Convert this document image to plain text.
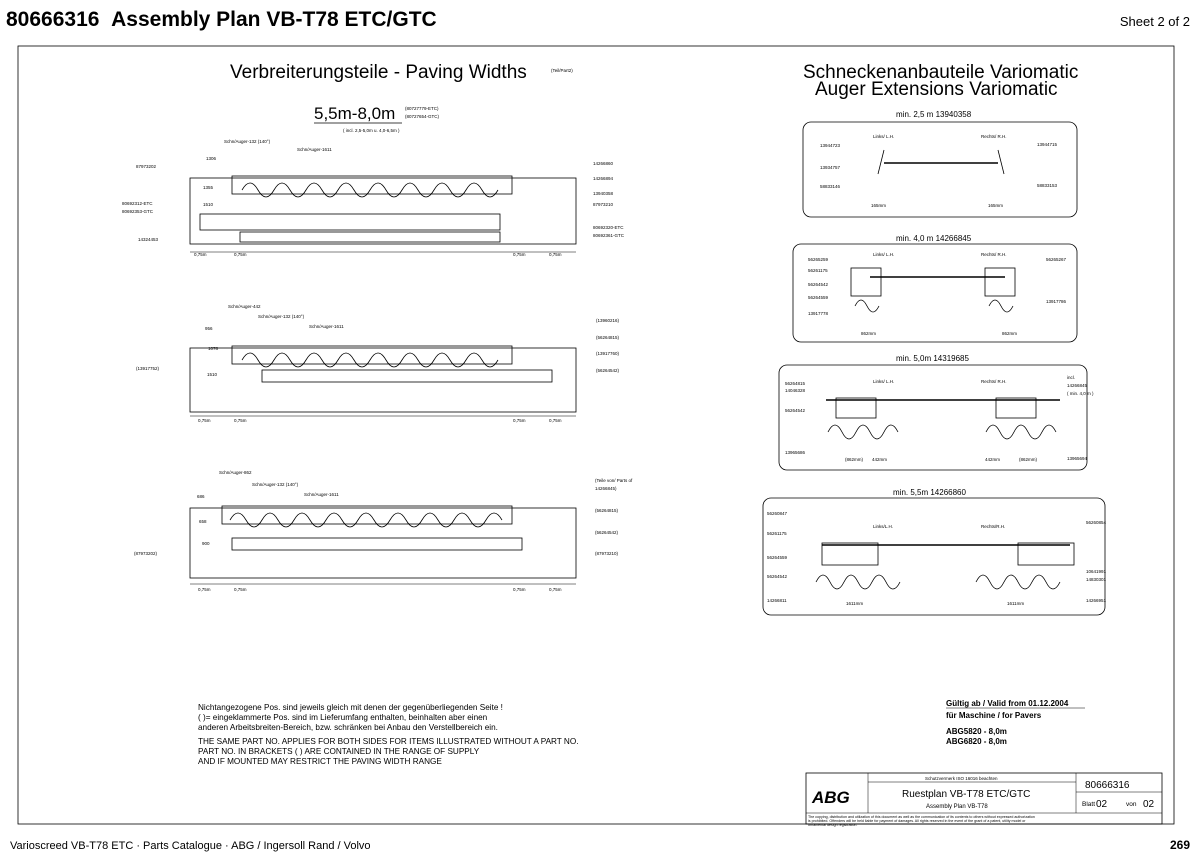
80666316 Assembly Plan VB-T78 ETC/GTC	Sheet 2 of 2
Verbreiterungsteile - Paving Widths	(Teil/Part2)
5,5m-8,0m (80727779-ETC)
(80727654-GTC)
( incl. 2,5-5,0m u. 4,0-6,5m )
0,75m	0,75m	0,75m	0,75m
87973202
80692312-ETC
80692353-GTC
14324453
1306
1355
1510
Schn/Auger-132 (140°)
Schn/Auger-1611
14266860
14266894
13940358
87973210
80692320-ETC
80692361-GTC
0,75m	0,75m	0,75m	0,75m
(13917752)
956
1078
1510
Schn/Auger-442
Schn/Auger-132 (140°)
Schn/Auger-1611
(13960216)
(56264815)
(13917760)
(56264542)
0,75m	0,75m	0,75m	0,75m
(87973202)
686
658
900
Schn/Auger-862
Schn/Auger-132 (140°)
Schn/Auger-1611
(Teile von/ Parts of
14266845)
(56264815)
(56264542)
(87973210)
Nichtangezogene Pos. sind jeweils gleich mit denen der gegenüberliegenden Seite !
( )= eingeklammerte Pos. sind im Lieferumfang enthalten, beinhalten aber einen
anderen Arbeitsbreiten-Bereich, bzw. schränken bei Anbau den Verstellbereich ein.
THE SAME PART NO. APPLIES FOR BOTH SIDES FOR ITEMS ILLUSTRATED WITHOUT A PART NO.
PART NO. IN BRACKETS ( ) ARE CONTAINED IN THE RANGE OF SUPPLY
AND IF MOUNTED MAY RESTRICT THE PAVING WIDTH RANGE
Schneckenanbauteile Variomatic
Auger Extensions Variomatic
min. 2,5 m 13940358
Links/ L.H.	Rechts/ R.H.
13944723
13934757
58833146
13944715
58833153
165mm	165mm
min. 4,0 m 14266845
Links/ L.H.	Rechts/ R.H.
56265259
56261175
56264542
56264559
13917778
56265267
13917786
862mm	862mm
min. 5,0m 14319685
Links/ L.H.	Rechts/ R.H.
56264815
14046328
56264542
13965686
incl.
14266845
( min. 4,0 m )
13965694
(862mm) 442mm	442mm	(862mm)
min. 5,5m 14266860
Links/L.H.	Rechts/R.H.
56260847
56261175
56264559
56264542
14266811
56260854
10641991
14830301
14266951
1611mm	1611mm
Gültig ab / Valid from 01.12.2004
für Maschine / for Pavers
ABG5820 - 8,0m
ABG6820 - 8,0m
ABG
Schutzvermerk ISO 16016 beachten
Ruestplan VB-T78 ETC/GTC
Assembly Plan VB-T78
80666316
Blatt 02	von 02
The copying, distribution and utilization of this document as well as the communication of its contents to others without expressed authorization
is prohibited. Offenders will be held liable for payment of damages. All rights reserved in the event of the grant of a patent, utility model or
ornamental design registration.
Varioscreed VB-T78 ETC · Parts Catalogue · ABG / Ingersoll Rand / Volvo	269
